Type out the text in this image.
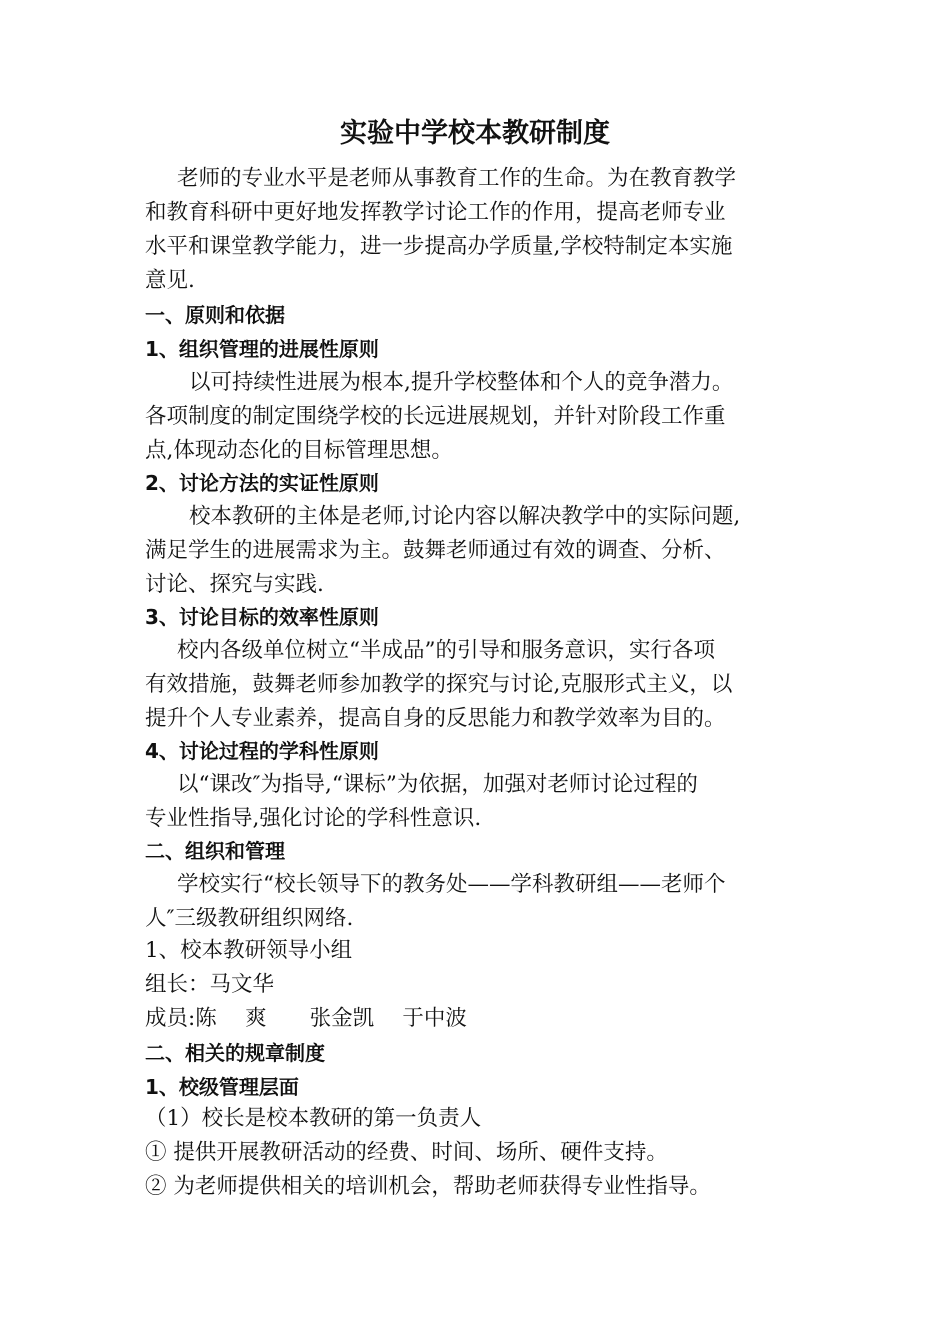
实验中学校本教研制度
老师的专业水平是老师从事教育工作的生命。为在教育教学
和教育科研中更好地发挥教学讨论工作的作用，提高老师专业
水平和课堂教学能力，进一步提高办学质量,学校特制定本实施
意见.
一、原则和依据
1、组织管理的进展性原则
以可持续性进展为根本,提升学校整体和个人的竞争潜力。
各项制度的制定围绕学校的长远进展规划，并针对阶段工作重
点,体现动态化的目标管理思想。
2、讨论方法的实证性原则
校本教研的主体是老师,讨论内容以解决教学中的实际问题,
满足学生的进展需求为主。鼓舞老师通过有效的调查、分析、
讨论、探究与实践.
3、讨论目标的效率性原则
校内各级单位树立“半成品”的引导和服务意识，实行各项
有效措施，鼓舞老师参加教学的探究与讨论,克服形式主义，以
提升个人专业素养，提高自身的反思能力和教学效率为目的。
4、讨论过程的学科性原则
以“课改″为指导,“课标”为依据，加强对老师讨论过程的
专业性指导,强化讨论的学科性意识.
二、组织和管理
学校实行“校长领导下的教务处——学科教研组——老师个
人″三级教研组织网络.
1、校本教研领导小组
组长：马文华
成员:陈　 爽　　张金凯　 于中波
二、相关的规章制度
1、校级管理层面
（1）校长是校本教研的第一负责人
① 提供开展教研活动的经费、时间、场所、硬件支持。
② 为老师提供相关的培训机会，帮助老师获得专业性指导。
